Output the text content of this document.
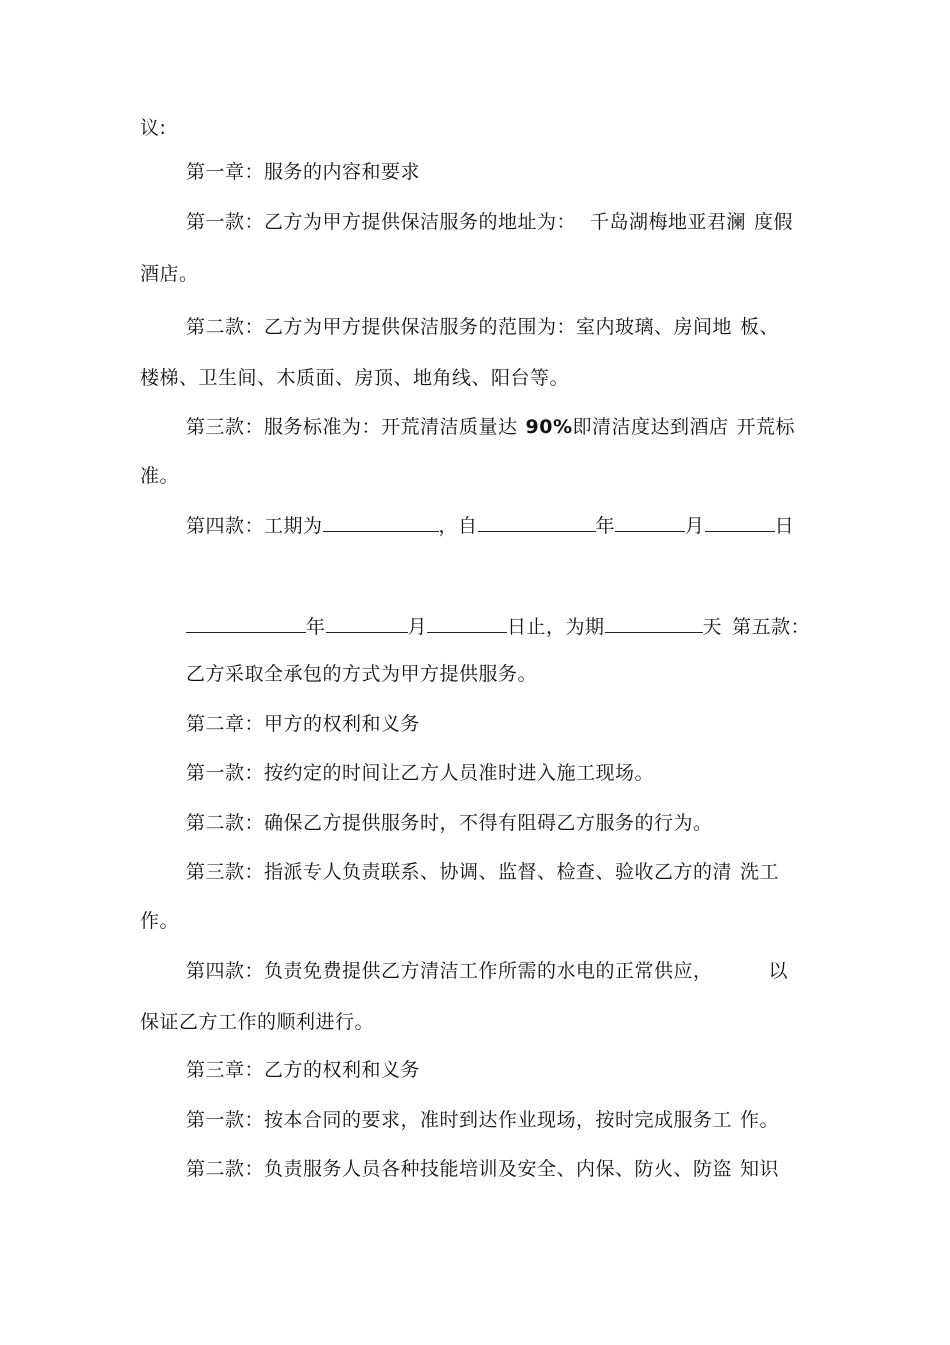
议:
第一章：服务的内容和要求
第一款：乙方为甲方提供保洁服务的地址为： 千岛湖梅地亚君澜 度假
酒店。
第二款：乙方为甲方提供保洁服务的范围为：室内玻璃、房间地 板、
楼梯、卫生间、木质面、房顶、地角线、阳台等。
第三款：服务标准为：开荒清洁质量达 90%即清洁度达到酒店 开荒标
准。
第四款：工期为	，自	年	月	日
年	月	日止，为期	天 第五款：
乙方采取全承包的方式为甲方提供服务。
第二章：甲方的权利和义务
第一款：按约定的时间让乙方人员准时进入施工现场。
第二款：确保乙方提供服务时，不得有阻碍乙方服务的行为。
第三款：指派专人负责联系、协调、监督、检查、验收乙方的清 洗工
作。
第四款：负责免费提供乙方清洁工作所需的水电的正常供应，	以
保证乙方工作的顺利进行。
第三章：乙方的权利和义务
第一款：按本合同的要求，准时到达作业现场，按时完成服务工 作。
第二款：负责服务人员各种技能培训及安全、内保、防火、防盗 知识
